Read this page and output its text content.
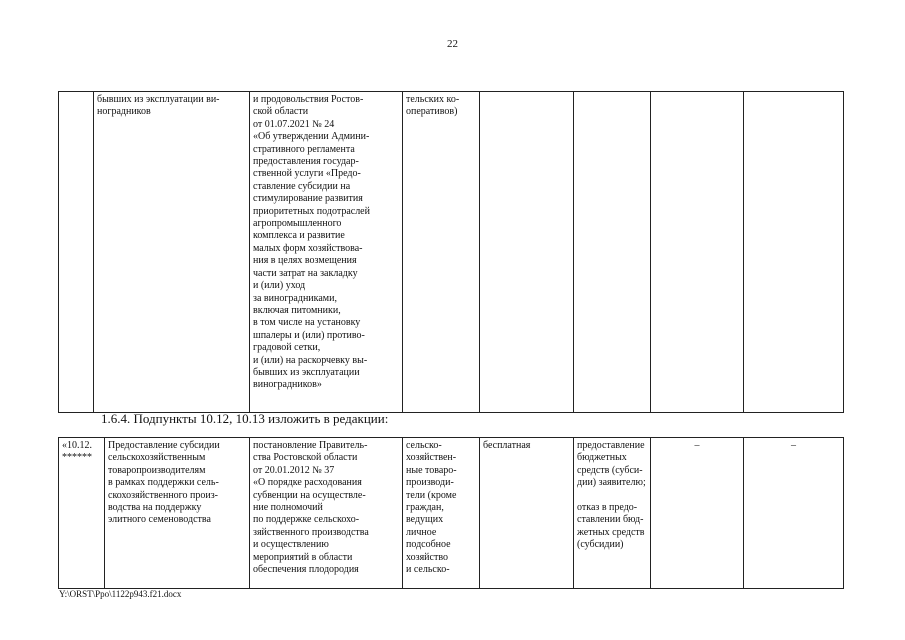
22
	бывших из эксплуатации ви-
ноградников	и продовольствия Ростов-
ской области
от 01.07.2021 № 24
«Об утверждении Админи-
стративного регламента
предоставления государ-
ственной услуги «Предо-
ставление субсидии на
стимулирование развития
приоритетных подотраслей
агропромышленного
комплекса и развитие
малых форм хозяйствова-
ния в целях возмещения
части затрат на закладку
и (или) уход
за виноградниками,
включая питомники,
в том числе на установку
шпалеры и (или) противо-
градовой сетки,
и (или) на раскорчевку вы-
бывших из эксплуатации
виноградников»	тельских ко-
оперативов)				
1.6.4. Подпункты 10.12, 10.13 изложить в редакции:
«10.12.
******	Предоставление субсидии
сельскохозяйственным
товаропроизводителям
в рамках поддержки сель-
скохозяйственного произ-
водства на поддержку
элитного семеноводства	постановление Правитель-
ства Ростовской области
от 20.01.2012 № 37
«О порядке расходования
субвенции на осуществле-
ние полномочий
по поддержке сельскохо-
зяйственного производства
и осуществлению
мероприятий в области
обеспечения плодородия	сельско-
хозяйствен-
ные товаро-
производи-
тели (кроме
граждан,
ведущих
личное
подсобное
хозяйство
и сельско-	бесплатная	предоставление
бюджетных
средств (субси-
дии) заявителю;

отказ в предо-
ставлении бюд-
жетных средств
(субсидии)	–	–
Y:\ORST\Ppo\1122p943.f21.docx
